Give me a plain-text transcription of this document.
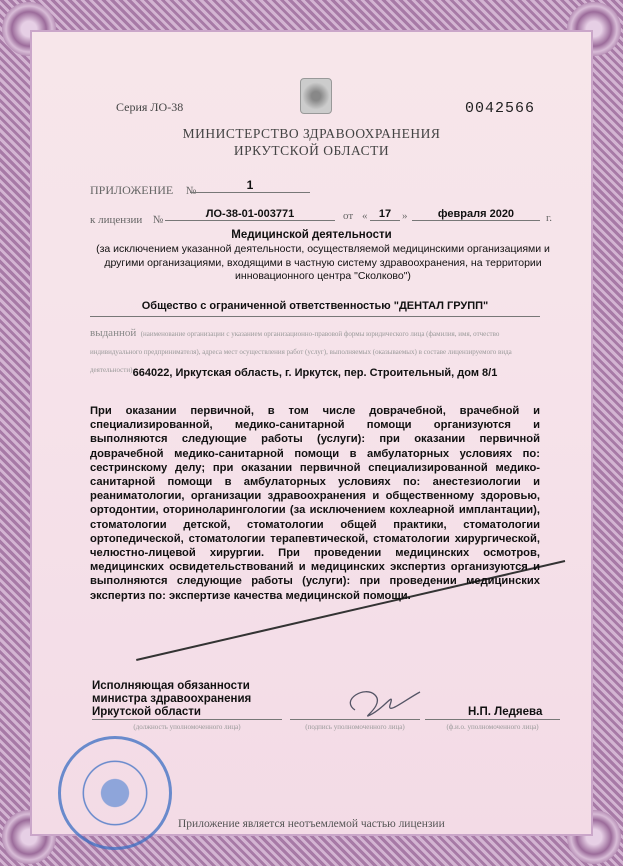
Серия ЛО-38	0042566
МИНИСТЕРСТВО ЗДРАВООХРАНЕНИЯ
ИРКУТСКОЙ ОБЛАСТИ
ПРИЛОЖЕНИЕ №	1
к лицензии №	ЛО-38-01-003771	от «	17 »	февраля 2020	г.
Медицинской деятельности
(за исключением указанной деятельности, осуществляемой медицинскими организациями и другими организациями, входящими в частную систему здравоохранения, на территории инновационного центра "Сколково")
Общество с ограниченной ответственностью "ДЕНТАЛ ГРУПП"
выданной (наименование организации с указанием организационно-правовой формы юридического лица (фамилия, имя, отчество индивидуального предпринимателя), адреса мест осуществления работ (услуг), выполняемых (оказываемых) в составе лицензируемого вида деятельности) 664022, Иркутская область, г. Иркутск, пер. Строительный, дом 8/1
При оказании первичной, в том числе доврачебной, врачебной и специализированной, медико-санитарной помощи организуются и выполняются следующие работы (услуги): при оказании первичной доврачебной медико-санитарной помощи в амбулаторных условиях по: сестринскому делу; при оказании первичной специализированной медико-санитарной помощи в амбулаторных условиях по: анестезиологии и реаниматологии, организации здравоохранения и общественному здоровью, ортодонтии, оториноларингологии (за исключением кохлеарной имплантации), стоматологии детской, стоматологии общей практики, стоматологии ортопедической, стоматологии терапевтической, стоматологии хирургической, челюстно-лицевой хирургии. При проведении медицинских осмотров, медицинских освидетельствований и медицинских экспертиз организуются и выполняются следующие работы (услуги): при проведении медицинских экспертиз по: экспертизе качества медицинской помощи.
Исполняющая обязанности министра здравоохранения Иркутской области	Н.П. Ледяева
(должность уполномоченного лица)	(подпись уполномоченного лица)	(ф.и.о. уполномоченного лица)
Приложение является неотъемлемой частью лицензии
